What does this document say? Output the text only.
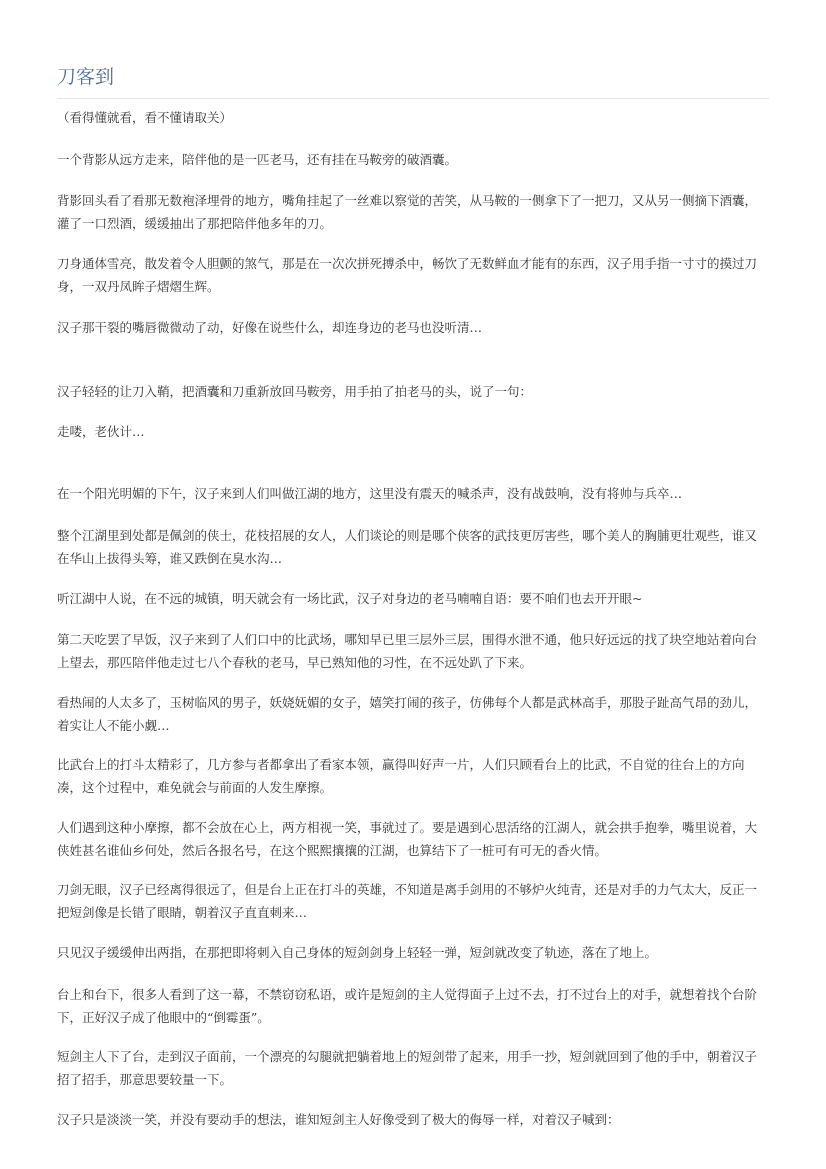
刀客到

（看得懂就看，看不懂请取关）

一个背影从远方走来，陪伴他的是一匹老马，还有挂在马鞍旁的破酒囊。

背影回头看了看那无数袍泽埋骨的地方，嘴角挂起了一丝难以察觉的苦笑，从马鞍的一侧拿下了一把刀，又从另一侧摘下酒囊，灌了一口烈酒，缓缓抽出了那把陪伴他多年的刀。

刀身通体雪亮，散发着令人胆颤的煞气，那是在一次次拼死搏杀中，畅饮了无数鲜血才能有的东西，汉子用手指一寸寸的摸过刀身，一双丹凤眸子熠熠生辉。

汉子那干裂的嘴唇微微动了动，好像在说些什么，却连身边的老马也没听清…

汉子轻轻的让刀入鞘，把酒囊和刀重新放回马鞍旁，用手拍了拍老马的头，说了一句：

走喽，老伙计…

在一个阳光明媚的下午，汉子来到人们叫做江湖的地方，这里没有震天的喊杀声，没有战鼓响，没有将帅与兵卒…

整个江湖里到处都是佩剑的侠士，花枝招展的女人，人们谈论的则是哪个侠客的武技更厉害些，哪个美人的胸脯更壮观些，谁又在华山上拔得头筹，谁又跌倒在臭水沟…

听江湖中人说，在不远的城镇，明天就会有一场比武，汉子对身边的老马喃喃自语：要不咱们也去开开眼~

第二天吃罢了早饭，汉子来到了人们口中的比武场，哪知早已里三层外三层，围得水泄不通，他只好远远的找了块空地站着向台上望去，那匹陪伴他走过七八个春秋的老马，早已熟知他的习性，在不远处趴了下来。

看热闹的人太多了，玉树临风的男子，妖娆妩媚的女子，嬉笑打闹的孩子，仿佛每个人都是武林高手，那股子趾高气昂的劲儿，着实让人不能小觑…

比武台上的打斗太精彩了，几方参与者都拿出了看家本领，赢得叫好声一片，人们只顾看台上的比武，不自觉的往台上的方向凑，这个过程中，难免就会与前面的人发生摩擦。

人们遇到这种小摩擦，都不会放在心上，两方相视一笑，事就过了。要是遇到心思活络的江湖人，就会拱手抱拳，嘴里说着，大侠姓甚名谁仙乡何处，然后各报名号，在这个熙熙攘攘的江湖，也算结下了一桩可有可无的香火情。

刀剑无眼，汉子已经离得很远了，但是台上正在打斗的英雄，不知道是离手剑用的不够炉火纯青，还是对手的力气太大，反正一把短剑像是长错了眼睛，朝着汉子直直刺来…

只见汉子缓缓伸出两指，在那把即将刺入自己身体的短剑剑身上轻轻一弹，短剑就改变了轨迹，落在了地上。

台上和台下，很多人看到了这一幕，不禁窃窃私语，或许是短剑的主人觉得面子上过不去，打不过台上的对手，就想着找个台阶下，正好汉子成了他眼中的“倒霉蛋”。

短剑主人下了台，走到汉子面前，一个漂亮的勾腿就把躺着地上的短剑带了起来，用手一抄，短剑就回到了他的手中，朝着汉子招了招手，那意思要较量一下。

汉子只是淡淡一笑，并没有要动手的想法，谁知短剑主人好像受到了极大的侮辱一样，对着汉子喊到：
